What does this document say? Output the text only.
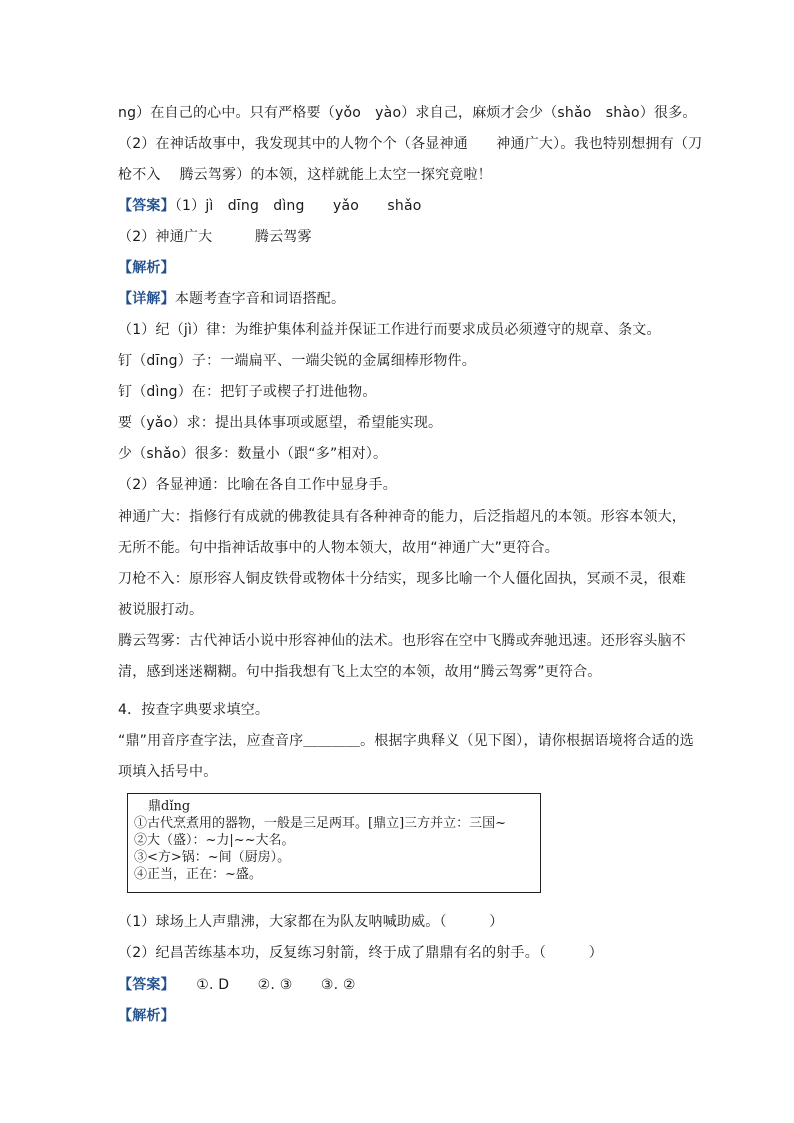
ng）在自己的心中。只有严格要（yǒo　yào）求自己，麻烦才会少（shǎo　shào）很多。
（2）在神话故事中，我发现其中的人物个个（各显神通　　神通广大）。我也特别想拥有（刀
枪不入　 腾云驾雾）的本领，这样就能上太空一探究竟啦！
【答案】（1）jì　dīng　dìng　　yǎo　　shǎo
（2）神通广大　　　腾云驾雾
【解析】
【详解】本题考查字音和词语搭配。
（1）纪（jì）律：为维护集体利益并保证工作进行而要求成员必须遵守的规章、条文。
钉（dīng）子：一端扁平、一端尖锐的金属细棒形物件。
钉（dìng）在：把钉子或楔子打进他物。
要（yǎo）求：提出具体事项或愿望，希望能实现。
少（shǎo）很多：数量小（跟“多”相对）。
（2）各显神通：比喻在各自工作中显身手。
神通广大：指修行有成就的佛教徒具有各种神奇的能力，后泛指超凡的本领。形容本领大，
无所不能。句中指神话故事中的人物本领大，故用“神通广大”更符合。
刀枪不入：原形容人铜皮铁骨或物体十分结实，现多比喻一个人僵化固执，冥顽不灵，很难
被说服打动。
腾云驾雾：古代神话小说中形容神仙的法术。也形容在空中飞腾或奔驰迅速。还形容头脑不
清，感到迷迷糊糊。句中指我想有飞上太空的本领，故用“腾云驾雾”更符合。
4．按查字典要求填空。
“鼎”用音序查字法，应查音序＿＿＿＿。根据字典释义（见下图），请你根据语境将合适的选
项填入括号中。
鼎dǐng
①古代烹煮用的器物，一般是三足两耳。[鼎立]三方并立：三国~
②大（盛）：~力|~~大名。
③<方>锅：~间（厨房）。
④正当，正在：~盛。
（1）球场上人声鼎沸，大家都在为队友呐喊助威。（　　　）
（2）纪昌苦练基本功，反复练习射箭，终于成了鼎鼎有名的射手。（　　　）
【答案】　　①. D　　②. ③　　③. ②
【解析】
